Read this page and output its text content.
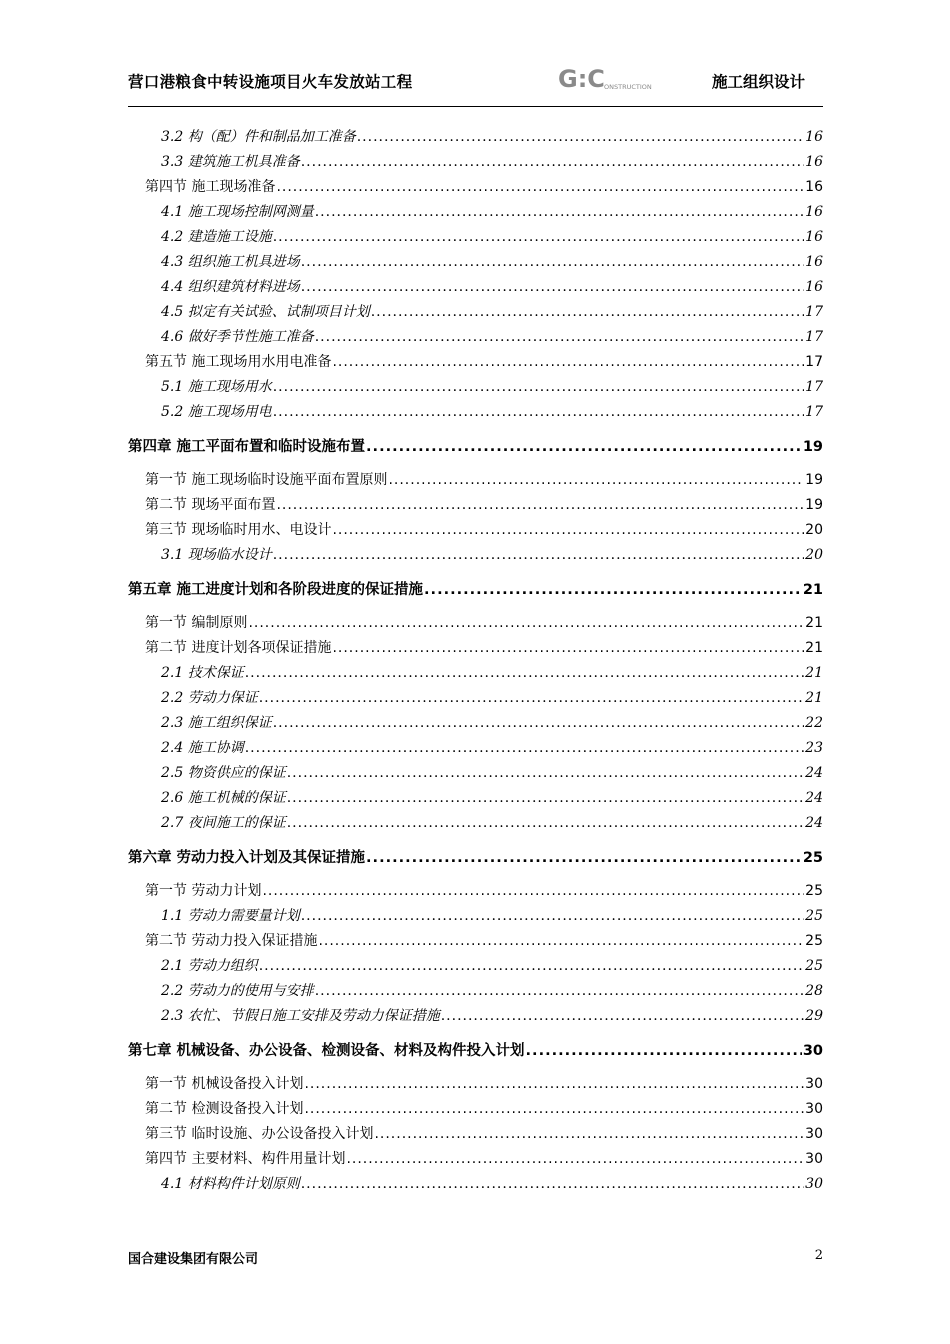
营口港粮食中转设施项目火车发放站工程	G:C ONSTRUCTION	施工组织设计
3.2 构（配）件和制品加工准备 .....	16
3.3 建筑施工机具准备 .....	16
第四节 施工现场准备 .....	16
4.1 施工现场控制网测量 .....	16
4.2 建造施工设施 .....	16
4.3 组织施工机具进场 .....	16
4.4 组织建筑材料进场 .....	16
4.5 拟定有关试验、试制项目计划 .....	17
4.6 做好季节性施工准备 .....	17
第五节 施工现场用水用电准备 .....	17
5.1 施工现场用水 .....	17
5.2 施工现场用电 .....	17
第四章 施工平面布置和临时设施布置 .....	19
第一节 施工现场临时设施平面布置原则 .....	19
第二节 现场平面布置 .....	19
第三节 现场临时用水、电设计 .....	20
3.1 现场临水设计 .....	20
第五章 施工进度计划和各阶段进度的保证措施 .....	21
第一节 编制原则 .....	21
第二节 进度计划各项保证措施 .....	21
2.1 技术保证 .....	21
2.2 劳动力保证 .....	21
2.3 施工组织保证 .....	22
2.4 施工协调 .....	23
2.5 物资供应的保证 .....	24
2.6 施工机械的保证 .....	24
2.7 夜间施工的保证 .....	24
第六章 劳动力投入计划及其保证措施 .....	25
第一节 劳动力计划 .....	25
1.1 劳动力需要量计划 .....	25
第二节 劳动力投入保证措施 .....	25
2.1 劳动力组织 .....	25
2.2 劳动力的使用与安排 .....	28
2.3 农忙、节假日施工安排及劳动力保证措施 .....	29
第七章 机械设备、办公设备、检测设备、材料及构件投入计划 .....	30
第一节 机械设备投入计划 .....	30
第二节 检测设备投入计划 .....	30
第三节 临时设施、办公设备投入计划 .....	30
第四节 主要材料、构件用量计划 .....	30
4.1 材料构件计划原则 .....	30
国合建设集团有限公司	2
